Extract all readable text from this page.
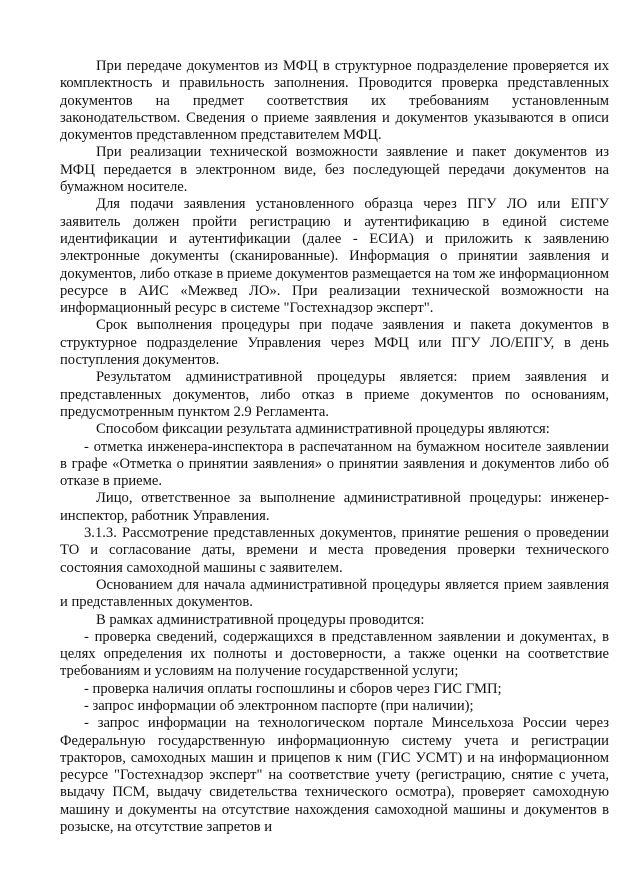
При передаче документов из МФЦ в структурное подразделение проверяется их комплектность и правильность заполнения. Проводится проверка представленных документов на предмет соответствия их требованиям установленным законодательством. Сведения о приеме заявления и документов указываются в описи документов представленном представителем МФЦ.

При реализации технической возможности заявление и пакет документов из МФЦ передается в электронном виде, без последующей передачи документов на бумажном носителе.

Для подачи заявления установленного образца через ПГУ ЛО или ЕПГУ заявитель должен пройти регистрацию и аутентификацию в единой системе идентификации и аутентификации (далее - ЕСИА) и приложить к заявлению электронные документы (сканированные). Информация о принятии заявления и документов, либо отказе в приеме документов размещается на том же информационном ресурсе в АИС «Межвед ЛО». При реализации технической возможности на информационный ресурс в системе "Гостехнадзор эксперт".

Срок выполнения процедуры при подаче заявления и пакета документов в структурное подразделение Управления через МФЦ или ПГУ ЛО/ЕПГУ, в день поступления документов.

Результатом административной процедуры является: прием заявления и представленных документов, либо отказ в приеме документов по основаниям, предусмотренным пунктом 2.9 Регламента.

Способом фиксации результата административной процедуры являются:

- отметка инженера-инспектора в распечатанном на бумажном носителе заявлении в графе «Отметка о принятии заявления» о принятии заявления и документов либо об отказе в приеме.

Лицо, ответственное за выполнение административной процедуры: инженер-инспектор, работник Управления.

3.1.3. Рассмотрение представленных документов, принятие решения о проведении ТО и согласование даты, времени и места проведения проверки технического состояния самоходной машины с заявителем.

Основанием для начала административной процедуры является прием заявления и представленных документов.

В рамках административной процедуры проводится:

- проверка сведений, содержащихся в представленном заявлении и документах, в целях определения их полноты и достоверности, а также оценки на соответствие требованиям и условиям на получение государственной услуги;

- проверка наличия оплаты госпошлины и сборов через ГИС ГМП;

- запрос информации об электронном паспорте (при наличии);

- запрос информации на технологическом портале Минсельхоза России через Федеральную государственную информационную систему учета и регистрации тракторов, самоходных машин и прицепов к ним (ГИС УСМТ) и на информационном ресурсе "Гостехнадзор эксперт" на соответствие учету (регистрацию, снятие с учета, выдачу ПСМ, выдачу свидетельства технического осмотра), проверяет самоходную машину и документы на отсутствие нахождения самоходной машины и документов в розыске, на отсутствие запретов и
